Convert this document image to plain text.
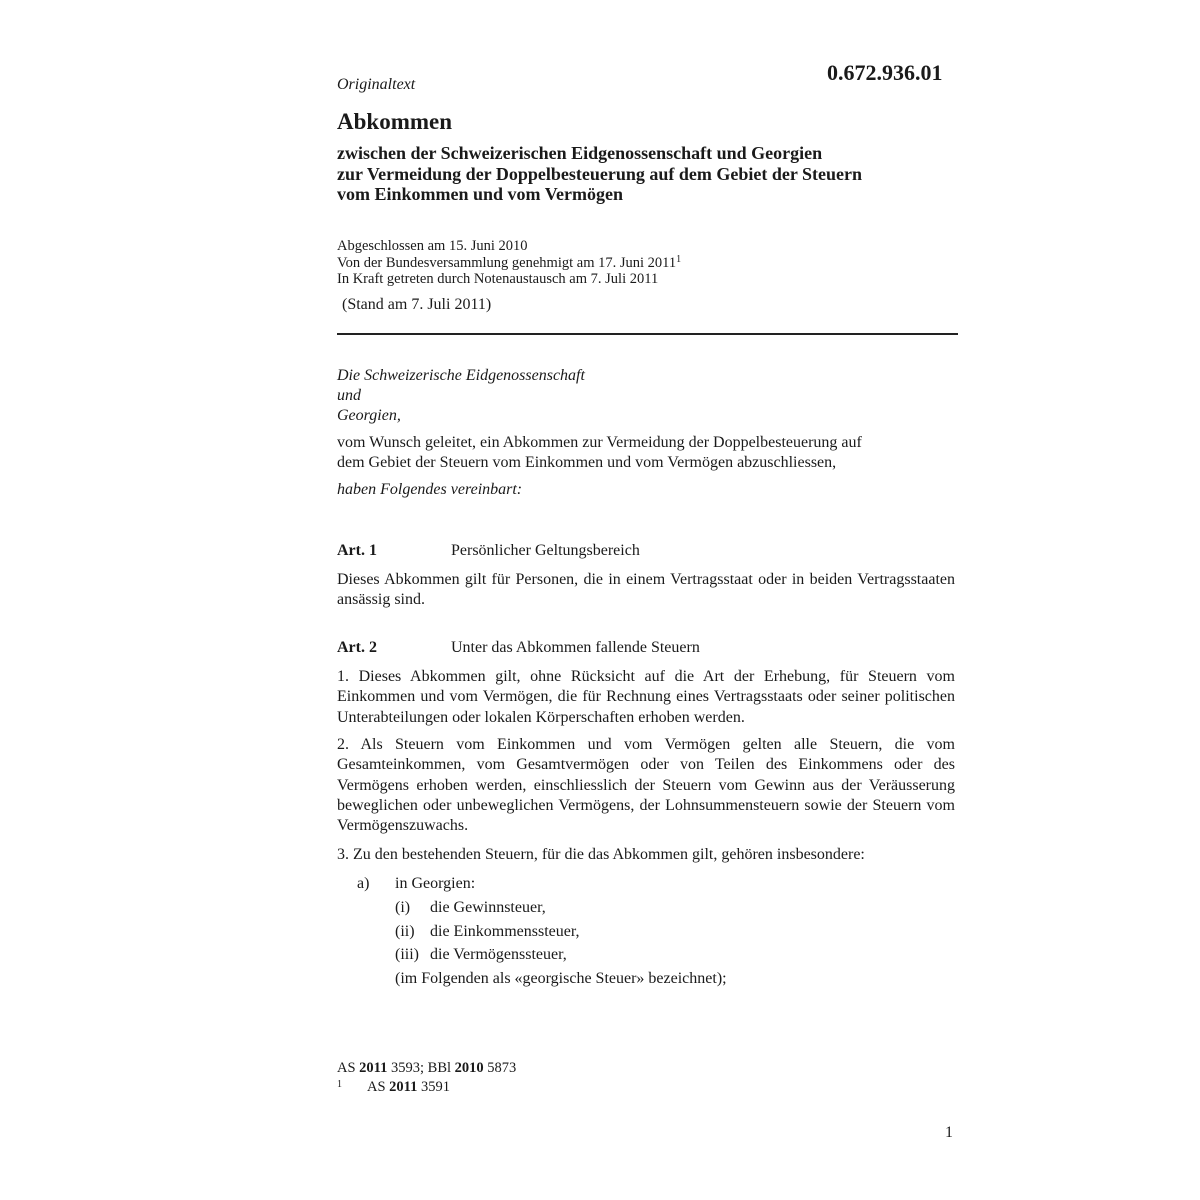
Originaltext	0.672.936.01
Abkommen
zwischen der Schweizerischen Eidgenossenschaft und Georgien
zur Vermeidung der Doppelbesteuerung auf dem Gebiet der Steuern
vom Einkommen und vom Vermögen
Abgeschlossen am 15. Juni 2010
Von der Bundesversammlung genehmigt am 17. Juni 2011$^1$
In Kraft getreten durch Notenaustausch am 7. Juli 2011
(Stand am 7. Juli 2011)
Die Schweizerische Eidgenossenschaft
und
Georgien,
vom Wunsch geleitet, ein Abkommen zur Vermeidung der Doppelbesteuerung auf
dem Gebiet der Steuern vom Einkommen und vom Vermögen abzuschliessen,
haben Folgendes vereinbart:
Art. 1	Persönlicher Geltungsbereich
Dieses Abkommen gilt für Personen, die in einem Vertragsstaat oder in beiden Vertragsstaaten ansässig sind.
Art. 2	Unter das Abkommen fallende Steuern
1. Dieses Abkommen gilt, ohne Rücksicht auf die Art der Erhebung, für Steuern vom Einkommen und vom Vermögen, die für Rechnung eines Vertragsstaats oder seiner politischen Unterabteilungen oder lokalen Körperschaften erhoben werden.
2. Als Steuern vom Einkommen und vom Vermögen gelten alle Steuern, die vom Gesamteinkommen, vom Gesamtvermögen oder von Teilen des Einkommens oder des Vermögens erhoben werden, einschliesslich der Steuern vom Gewinn aus der Veräusserung beweglichen oder unbeweglichen Vermögens, der Lohnsummensteuern sowie der Steuern vom Vermögenszuwachs.
3. Zu den bestehenden Steuern, für die das Abkommen gilt, gehören insbesondere:
a) in Georgien:
(i) die Gewinnsteuer,
(ii) die Einkommenssteuer,
(iii) die Vermögenssteuer,
(im Folgenden als «georgische Steuer» bezeichnet);
AS 2011 3593; BBl 2010 5873
$^1$ AS 2011 3591
1
